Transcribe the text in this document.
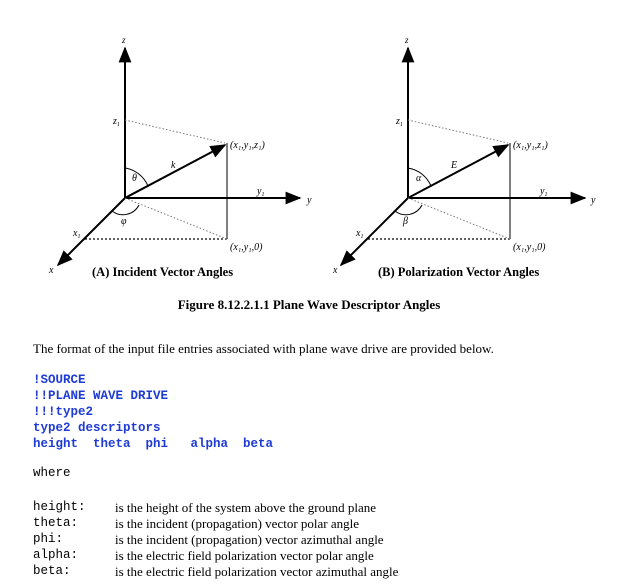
z
y
x
$z_1$
$y_1$
$x_1$
(x₁,y₁,z₁)
(x₁,y₁,0)
θ
φ
k
(A) Incident Vector Angles
z
y
x
$z_1$
$y_1$
$x_1$
(x₁,y₁,z₁)
(x₁,y₁,0)
α
β
E
(B) Polarization Vector Angles
Figure 8.12.2.1.1 Plane Wave Descriptor Angles
The format of the input file entries associated with plane wave drive are provided below.
!SOURCE
!!PLANE WAVE DRIVE
!!!type2
type2 descriptors
height  theta  phi   alpha  beta
where
height: is the height of the system above the ground plane
theta:	is the incident (propagation) vector polar angle
phi:	is the incident (propagation) vector azimuthal angle
alpha:	is the electric field polarization vector polar angle
beta:	is the electric field polarization vector azimuthal angle
